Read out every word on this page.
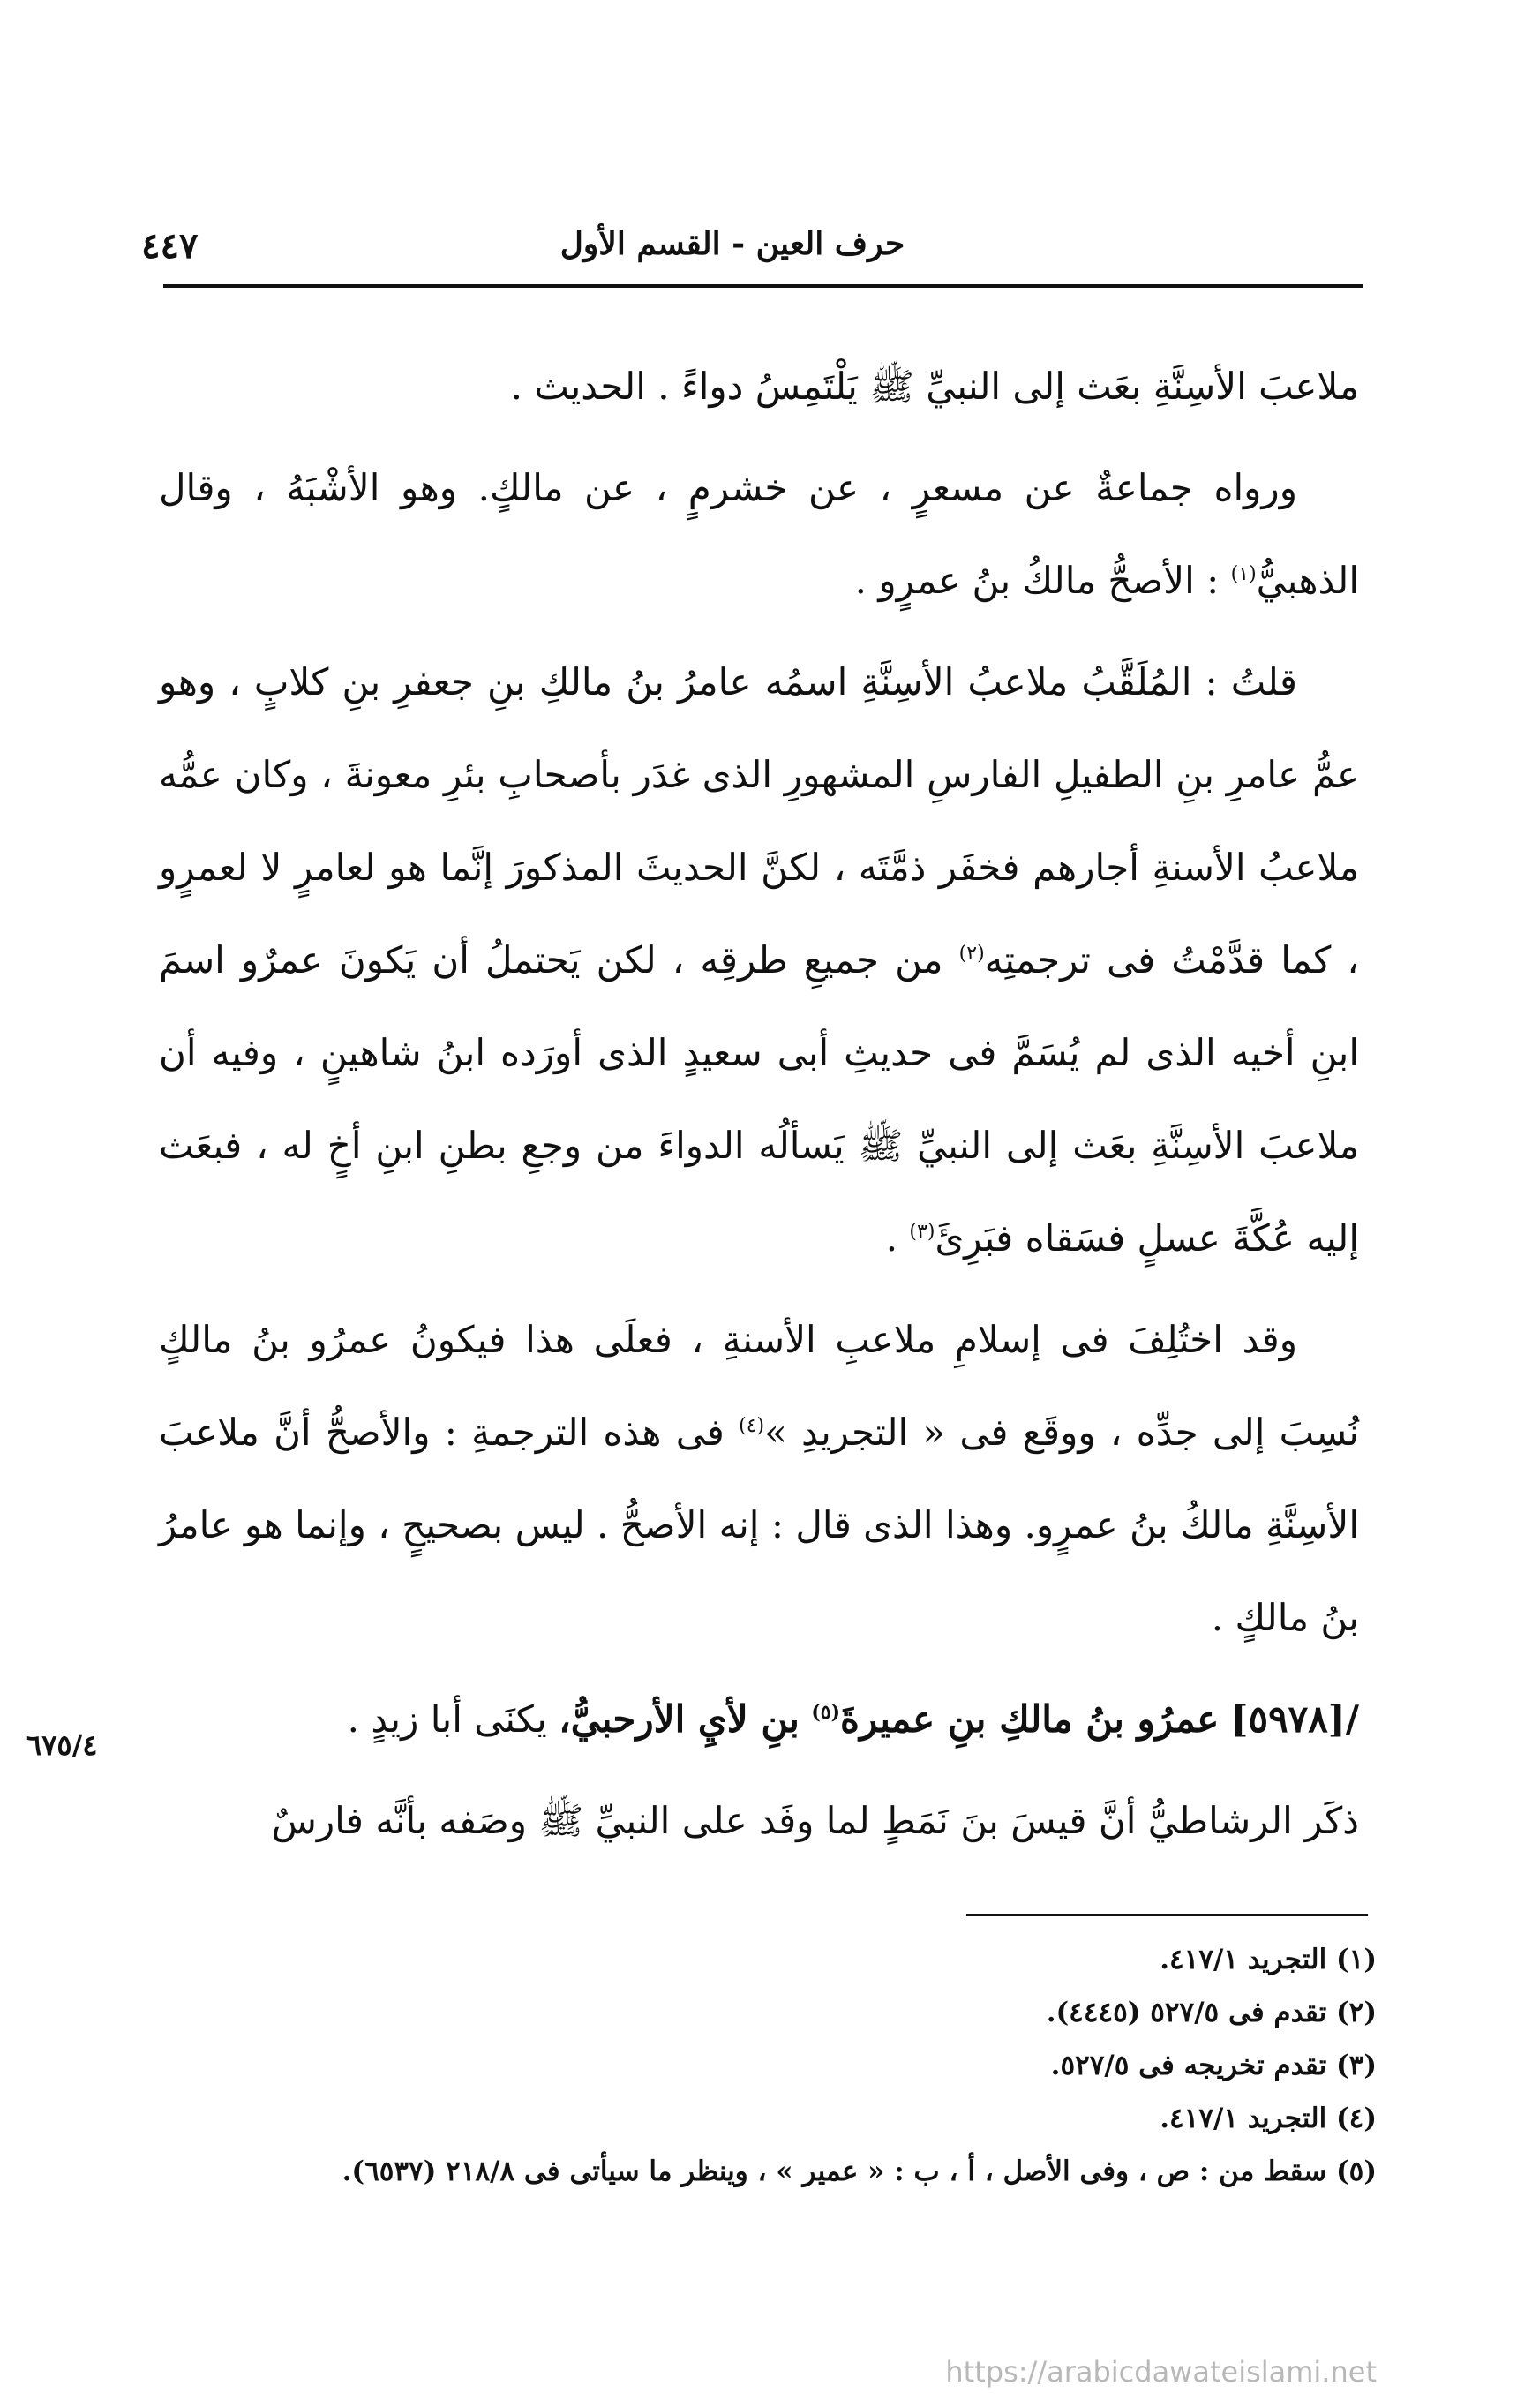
حرف العين - القسم الأول
٤٤٧

ملاعبَ الأسِنَّةِ بعَث إلى النبيِّ ﷺ يَلْتَمِسُ دواءً . الحديث .

ورواه جماعةٌ عن مسعرٍ ، عن خشرمٍ ، عن مالكٍ. وهو الأشْبَهُ ، وقال الذهبيُّ$^{(١)}$ : الأصحُّ مالكُ بنُ عمرٍو .

قلتُ : المُلَقَّبُ ملاعبُ الأسِنَّةِ اسمُه عامرُ بنُ مالكِ بنِ جعفرِ بنِ كلابٍ ، وهو عمُّ عامرِ بنِ الطفيلِ الفارسِ المشهورِ الذى غدَر بأصحابِ بئرِ معونةَ ، وكان عمُّه ملاعبُ الأسنةِ أجارهم فخفَر ذمَّتَه ، لكنَّ الحديثَ المذكورَ إنَّما هو لعامرٍ لا لعمرٍو ، كما قدَّمْتُ فى ترجمتِه$^{(٢)}$ من جميعِ طرقِه ، لكن يَحتملُ أن يَكونَ عمرٌو اسمَ ابنِ أخيه الذى لم يُسَمَّ فى حديثِ أبى سعيدٍ الذى أورَده ابنُ شاهينٍ ، وفيه أن ملاعبَ الأسِنَّةِ بعَث إلى النبيِّ ﷺ يَسألُه الدواءَ من وجعِ بطنِ ابنِ أخٍ له ، فبعَث إليه عُكَّةَ عسلٍ فسَقاه فبَرِئَ$^{(٣)}$ .

وقد اختُلِفَ فى إسلامِ ملاعبِ الأسنةِ ، فعلَى هذا فيكونُ عمرُو بنُ مالكٍ نُسِبَ إلى جدِّه ، ووقَع فى « التجريدِ »$^{(٤)}$ فى هذه الترجمةِ : والأصحُّ أنَّ ملاعبَ الأسِنَّةِ مالكُ بنُ عمرٍو. وهذا الذى قال : إنه الأصحُّ . ليس بصحيحٍ ، وإنما هو عامرُ بنُ مالكٍ .

/[٥٩٧٨] عمرُو بنُ مالكِ بنِ عميرةَ$^{(٥)}$ بنِ لأيِ الأرحبيُّ، يكنَى أبا زيدٍ .

ذكَر الرشاطيُّ أنَّ قيسَ بنَ نَمَطٍ لما وفَد على النبيِّ ﷺ وصَفه بأنَّه فارسٌ

٦٧٥/٤
(١) التجريد ٤١٧/١.
(٢) تقدم فى ٥٢٧/٥ (٤٤٤٥).
(٣) تقدم تخريجه فى ٥٢٧/٥.
(٤) التجريد ٤١٧/١.
(٥) سقط من : ص ، وفى الأصل ، أ ، ب : « عمير » ، وينظر ما سيأتى فى ٢١٨/٨ (٦٥٣٧).
https://arabicdawateislami.net
